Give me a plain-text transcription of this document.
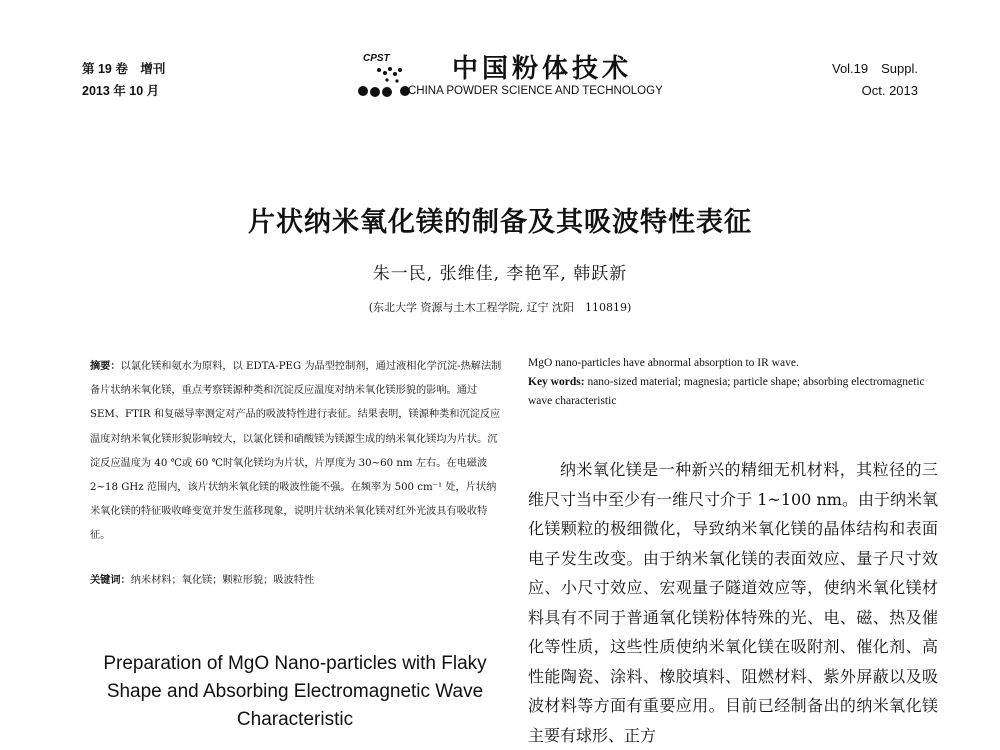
第 19 卷　增刊
2013 年 10 月
CPST 中国粉体技术
CHINA POWDER SCIENCE AND TECHNOLOGY
Vol.19　Suppl.
Oct. 2013
片状纳米氧化镁的制备及其吸波特性表征
朱一民, 张维佳, 李艳军, 韩跃新
(东北大学 资源与土木工程学院, 辽宁 沈阳　110819)

摘要：以氯化镁和氨水为原料，以 EDTA-PEG 为晶型控制剂，通过液相化学沉淀-热解法制备片状纳米氧化镁，重点考察镁源种类和沉淀反应温度对纳米氧化镁形貌的影响。通过 SEM、FTIR 和复磁导率测定对产品的吸波特性进行表征。结果表明，镁源种类和沉淀反应温度对纳米氧化镁形貌影响较大，以氯化镁和硝酸镁为镁源生成的纳米氧化镁均为片状。沉淀反应温度为 40 ℃或 60 ℃时氧化镁均为片状，片厚度为 30~60 nm 左右。在电磁波 2~18 GHz 范围内，该片状纳米氧化镁的吸波性能不强。在频率为 500 cm⁻¹ 处，片状纳米氧化镁的特征吸收峰变宽并发生蓝移现象，说明片状纳米氧化镁对红外光波具有吸收特征。

关键词：纳米材料；氧化镁；颗粒形貌；吸波特性
Preparation of MgO Nano-particles with Flaky Shape and Absorbing Electromagnetic Wave Characteristic

MgO nano-particles have abnormal absorption to IR wave.

Key words: nano-sized material; magnesia; particle shape; absorbing electromagnetic wave characteristic

纳米氧化镁是一种新兴的精细无机材料，其粒径的三维尺寸当中至少有一维尺寸介于 1~100 nm。由于纳米氧化镁颗粒的极细微化，导致纳米氧化镁的晶体结构和表面电子发生改变。由于纳米氧化镁的表面效应、量子尺寸效应、小尺寸效应、宏观量子隧道效应等，使纳米氧化镁材料具有不同于普通氧化镁粉体特殊的光、电、磁、热及催化等性质，这些性质使纳米氧化镁在吸附剂、催化剂、高性能陶瓷、涂料、橡胶填料、阻燃材料、紫外屏蔽以及吸波材料等方面有重要应用。目前已经制备出的纳米氧化镁主要有球形、正方
